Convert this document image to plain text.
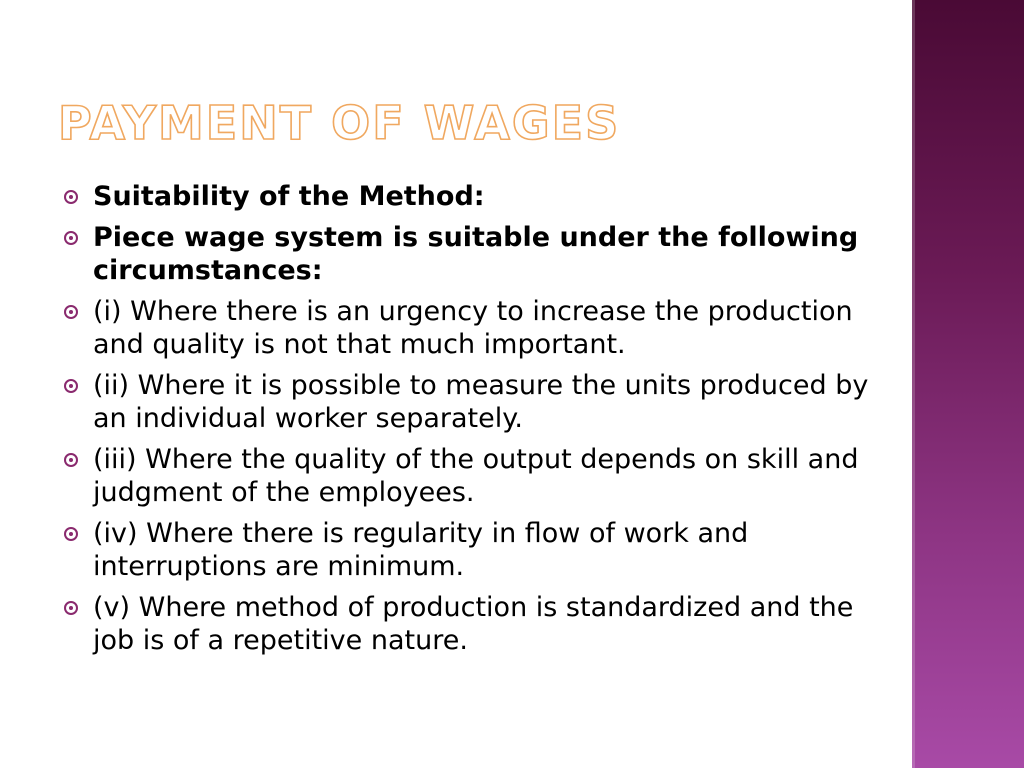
PAYMENT OF WAGES
Suitability of the Method:
Piece wage system is suitable under the following circumstances:
(i) Where there is an urgency to increase the production and quality is not that much important.
(ii) Where it is possible to measure the units produced by an individual worker separately.
(iii) Where the quality of the output depends on skill and judgment of the employees.
(iv) Where there is regularity in flow of work and interruptions are minimum.
(v) Where method of production is standardized and the job is of a repetitive nature.
